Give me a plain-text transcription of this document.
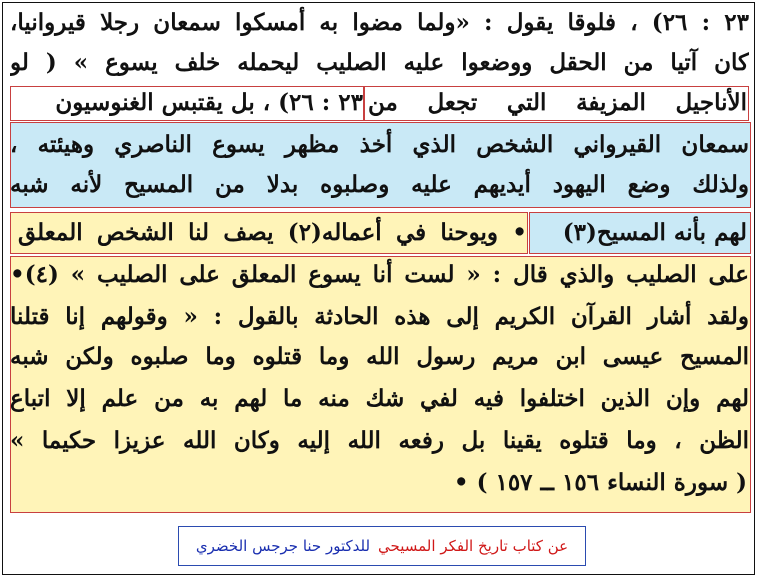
٢٣ : ٢٦) ، فلوقا يقول : «ولما مضوا به أمسكوا سمعان رجلا قيروانيا،
كان آتيا من الحقل ووضعوا عليه الصليب ليحمله خلف يسوع » ( لو
٢٣ : ٢٦) ، بل يقتبس الغنوسيون الأناجيل المزيفة التي تجعل من
سمعان القيرواني الشخص الذي أخذ مظهر يسوع الناصري وهيئته ،
ولذلك وضع اليهود أيديهم عليه وصلبوه بدلا من المسيح لأنه شبه
لهم بأنه المسيح(٣)
• ويوحنا في أعماله(٢) يصف لنا الشخص المعلق
على الصليب والذي قال : « لست أنا يسوع المعلق على الصليب » (٤)•
ولقد أشار القرآن الكريم إلى هذه الحادثة بالقول : « وقولهم إنا قتلنا
المسيح عيسى ابن مريم رسول الله وما قتلوه وما صلبوه ولكن شبه
لهم وإن الذين اختلفوا فيه لفي شك منه ما لهم به من علم إلا اتباع
الظن ، وما قتلوه يقينا بل رفعه الله إليه وكان الله عزيزا حكيما »
( سورة النساء ١٥٦ ــ ١٥٧ ) •
عن كتاب تاريخ الفكر المسيحي
للدكتور حنا جرجس الخضري
